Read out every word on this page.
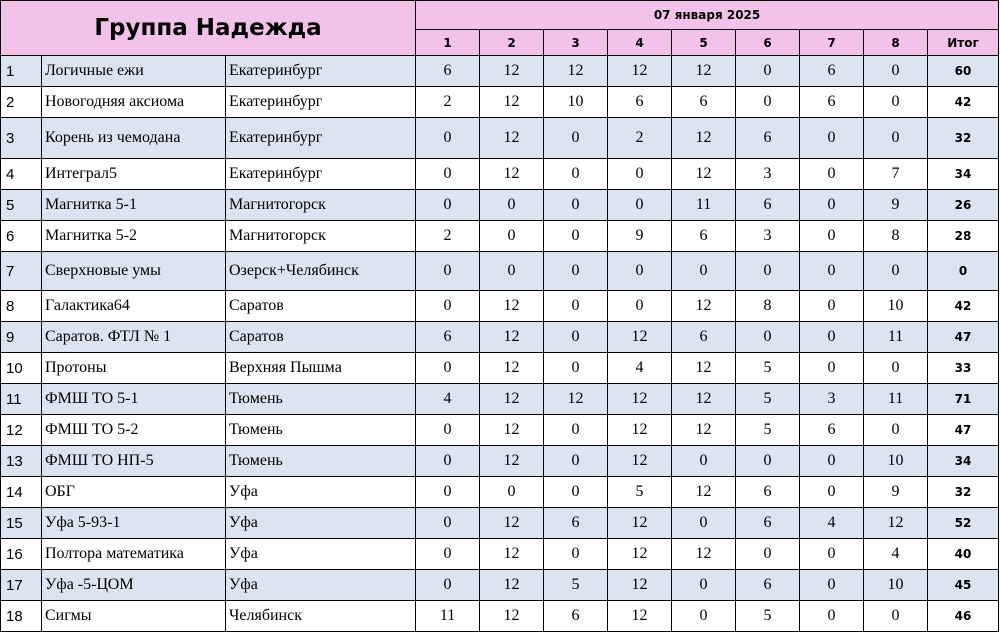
Группа Надежда			07 января 2025								
			1	2	3	4	5	6	7	8	Итог
1	Логичные ежи	Екатеринбург	6	12	12	12	12	0	6	0	60
2	Новогодняя аксиома	Екатеринбург	2	12	10	6	6	0	6	0	42
3	Корень из чемодана	Екатеринбург	0	12	0	2	12	6	0	0	32
4	Интеграл5	Екатеринбург	0	12	0	0	12	3	0	7	34
5	Магнитка 5-1	Магнитогорск	0	0	0	0	11	6	0	9	26
6	Магнитка 5-2	Магнитогорск	2	0	0	9	6	3	0	8	28
7	Сверхновые умы	Озерск+Челябинск	0	0	0	0	0	0	0	0	0
8	Галактика64	Саратов	0	12	0	0	12	8	0	10	42
9	Саратов. ФТЛ № 1	Саратов	6	12	0	12	6	0	0	11	47
10	Протоны	Верхняя Пышма	0	12	0	4	12	5	0	0	33
11	ФМШ ТО 5-1	Тюмень	4	12	12	12	12	5	3	11	71
12	ФМШ ТО 5-2	Тюмень	0	12	0	12	12	5	6	0	47
13	ФМШ ТО НП-5	Тюмень	0	12	0	12	0	0	0	10	34
14	ОБГ	Уфа	0	0	0	5	12	6	0	9	32
15	Уфа 5-93-1	Уфа	0	12	6	12	0	6	4	12	52
16	Полтора математика	Уфа	0	12	0	12	12	0	0	4	40
17	Уфа -5-ЦОМ	Уфа	0	12	5	12	0	6	0	10	45
18	Сигмы	Челябинск	11	12	6	12	0	5	0	0	46
